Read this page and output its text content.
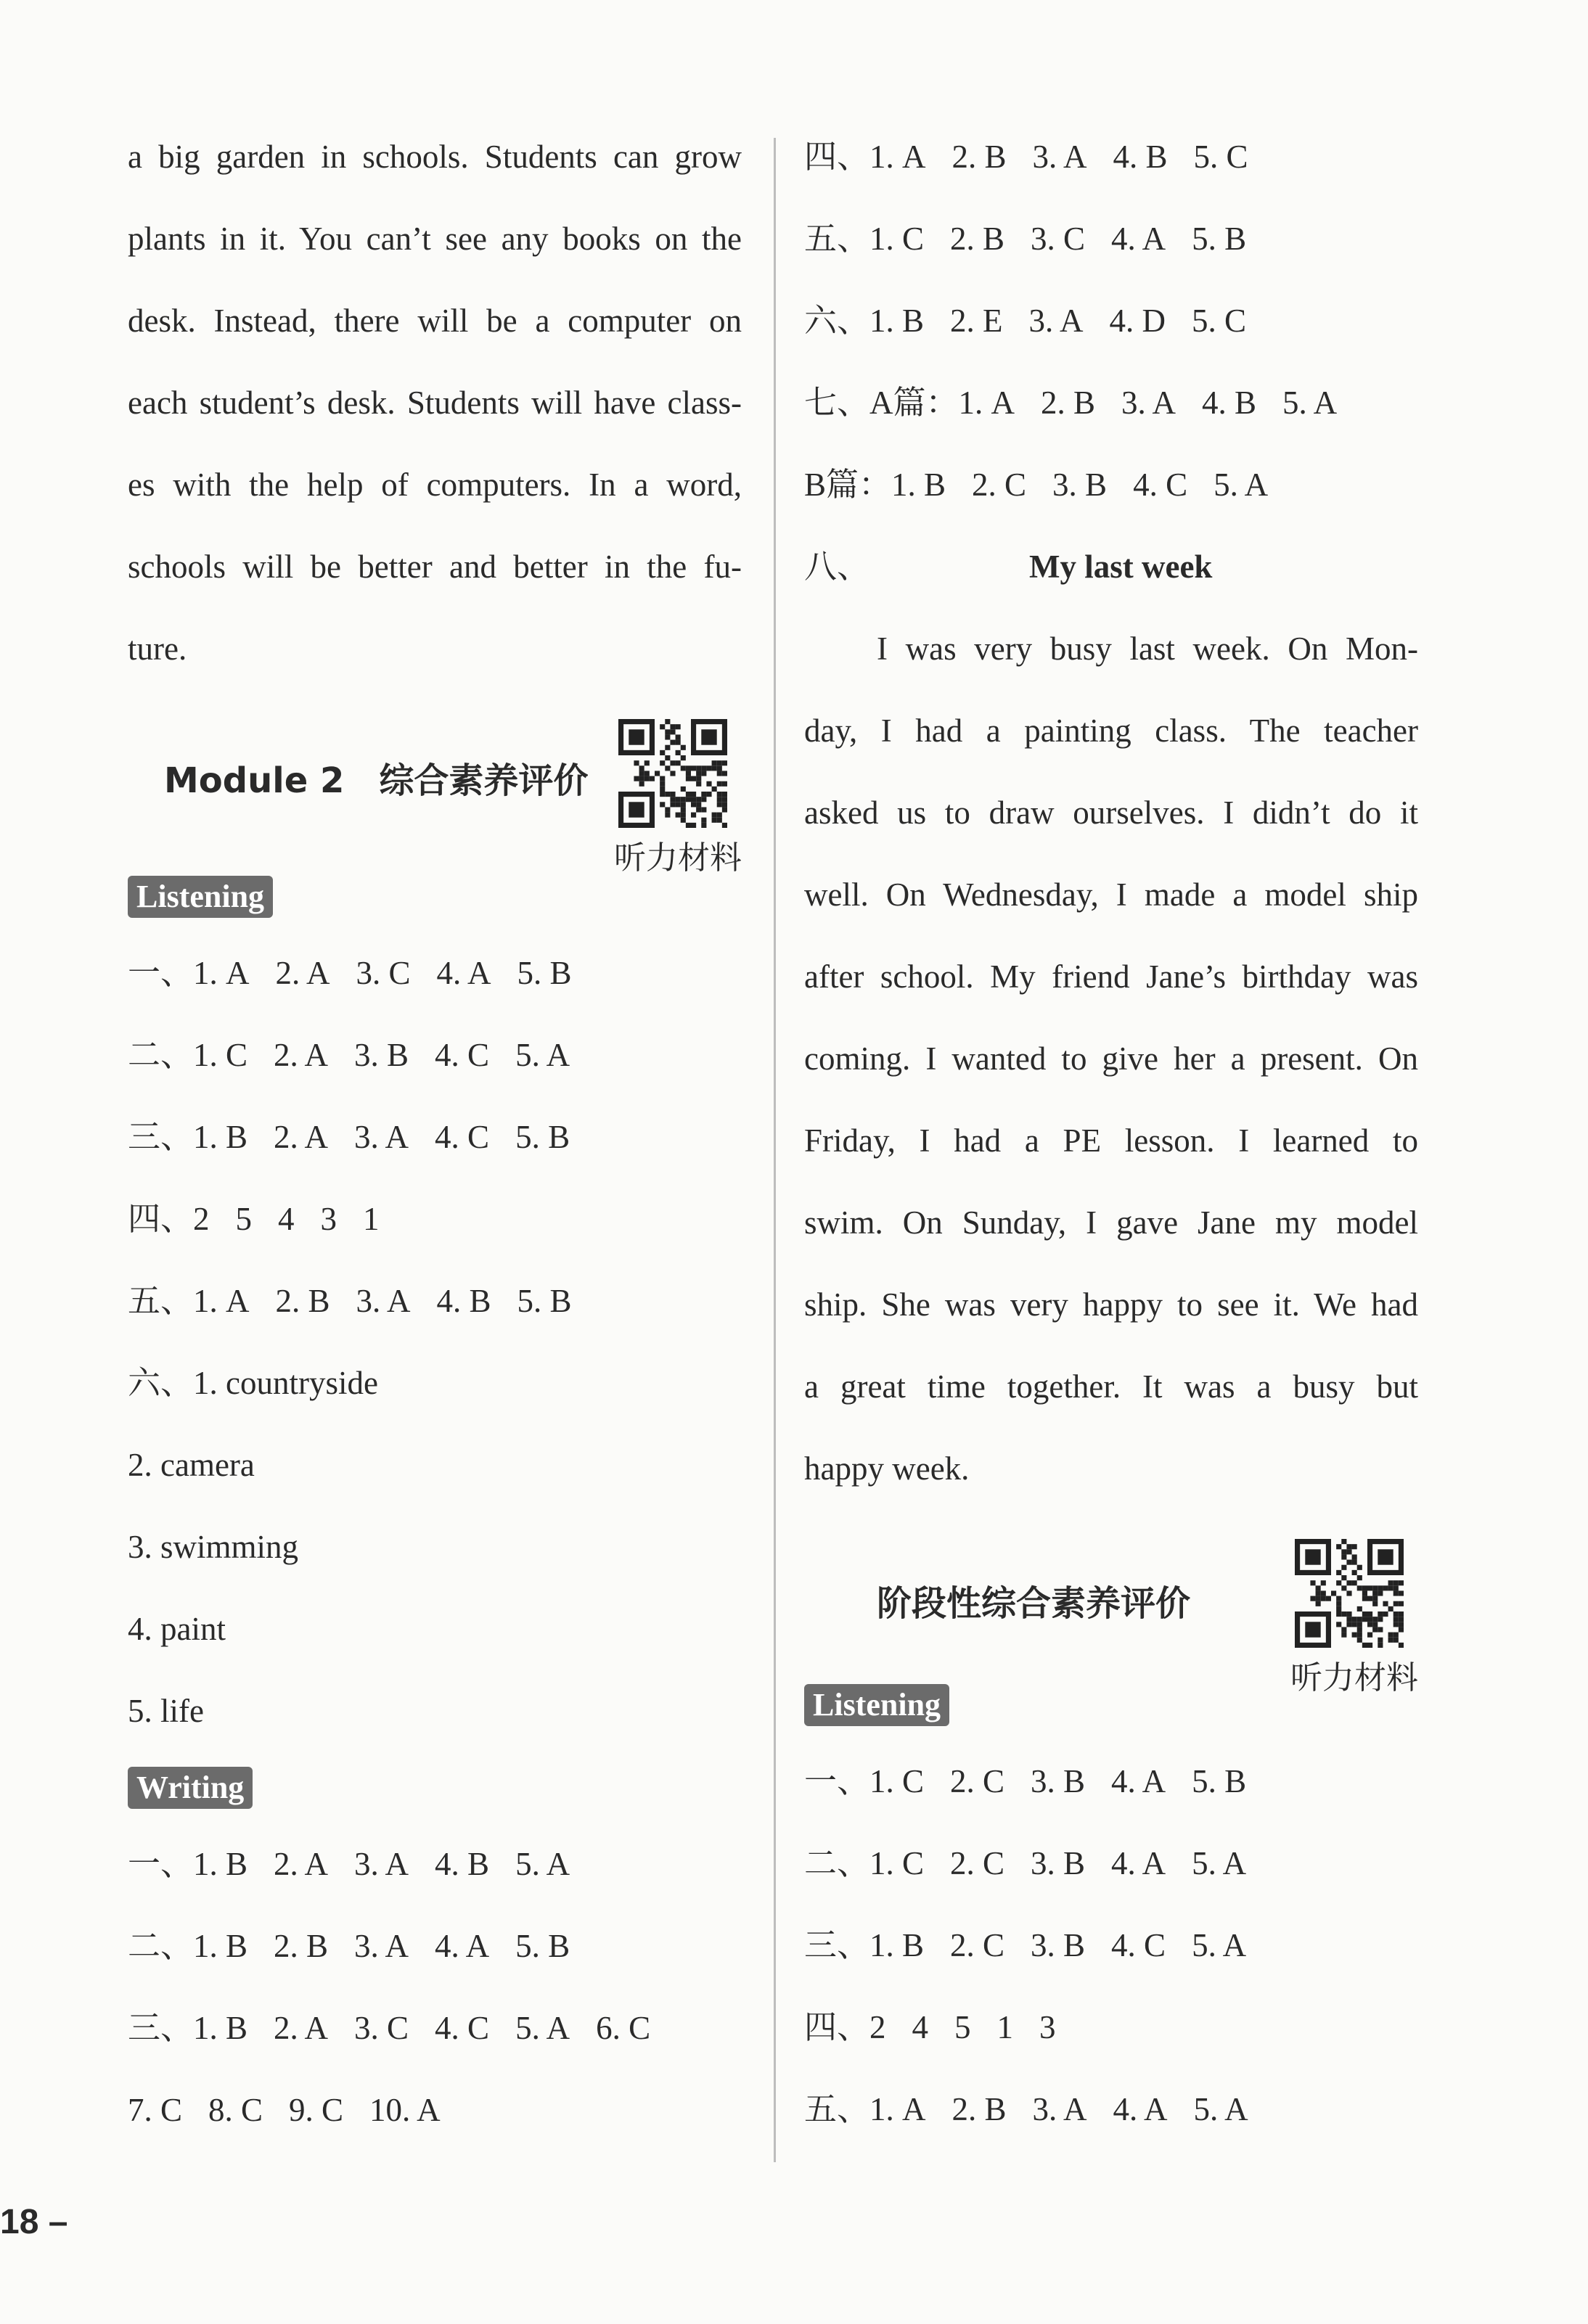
a big garden in schools. Students can grow
plants in it. You can’t see any books on the
desk. Instead, there will be a computer on
each student’s desk. Students will have class-
es with the help of computers. In a word,
schools will be better and better in the fu-
ture.
Module 2　综合素养评价
听力材料
Listening
一、1. A 2. A 3. C 4. A 5. B
二、1. C 2. A 3. B 4. C 5. A
三、1. B 2. A 3. A 4. C 5. B
四、2 5 4 3 1
五、1. A 2. B 3. A 4. B 5. B
六、1. countryside
2. camera
3. swimming
4. paint
5. life
Writing
一、1. B 2. A 3. A 4. B 5. A
二、1. B 2. B 3. A 4. A 5. B
三、1. B 2. A 3. C 4. C 5. A 6. C
7. C 8. C 9. C 10. A
四、1. A 2. B 3. A 4. B 5. C
五、1. C 2. B 3. C 4. A 5. B
六、1. B 2. E 3. A 4. D 5. C
七、A篇：1. A 2. B 3. A 4. B 5. A
B篇：1. B 2. C 3. B 4. C 5. A
八、	My last week
I was very busy last week. On Mon-
day, I had a painting class. The teacher
asked us to draw ourselves. I didn’t do it
well. On Wednesday, I made a model ship
after school. My friend Jane’s birthday was
coming. I wanted to give her a present. On
Friday, I had a PE lesson. I learned to
swim. On Sunday, I gave Jane my model
ship. She was very happy to see it. We had
a great time together. It was a busy but
happy week.
阶段性综合素养评价
听力材料
Listening
一、1. C 2. C 3. B 4. A 5. B
二、1. C 2. C 3. B 4. A 5. A
三、1. B 2. C 3. B 4. C 5. A
四、2 4 5 1 3
五、1. A 2. B 3. A 4. A 5. A
18 –
